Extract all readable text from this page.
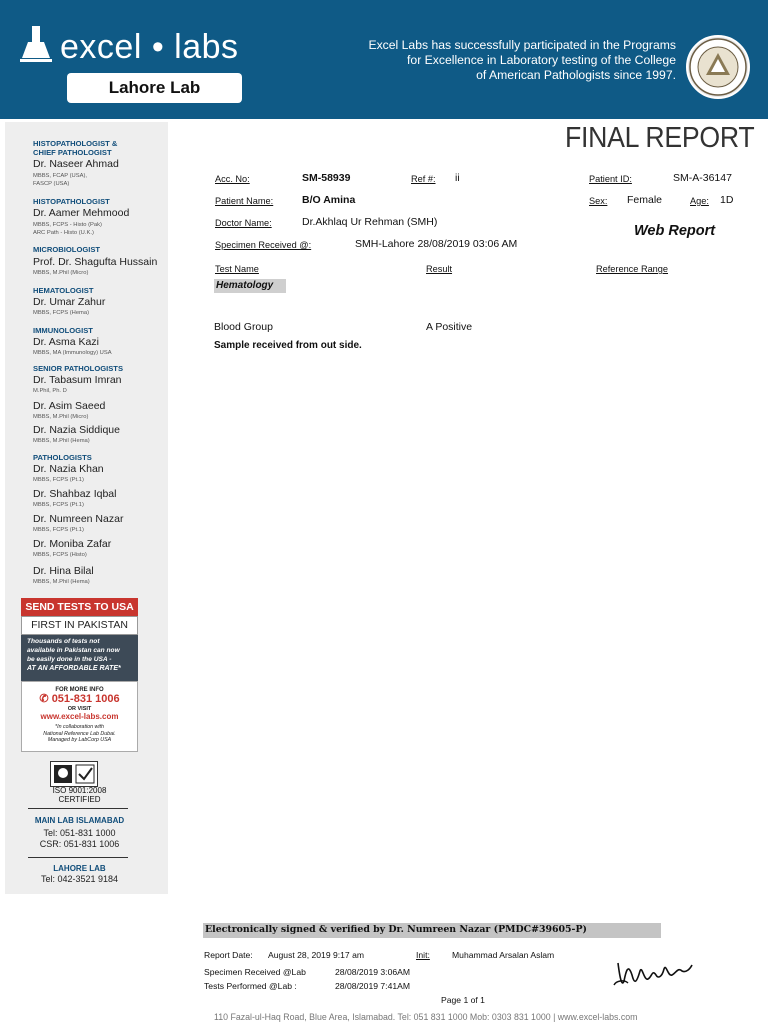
excel • labs
Lahore Lab
Excel Labs has successfully participated in the Programs
for Excellence in Laboratory testing of the College
of American Pathologists since 1997.
HISTOPATHOLOGIST &
CHIEF PATHOLOGIST
Dr. Naseer Ahmad
MBBS, FCAP (USA),
FASCP (USA)
HISTOPATHOLOGIST
Dr. Aamer Mehmood
MBBS, FCPS - Histo (Pak)
ARC Path - Histo (U.K.)
MICROBIOLOGIST
Prof. Dr. Shagufta Hussain
MBBS, M.Phil (Micro)
HEMATOLOGIST
Dr. Umar Zahur
MBBS, FCPS (Hema)
IMMUNOLOGIST
Dr. Asma Kazi
MBBS, MA (Immunology) USA
SENIOR PATHOLOGISTS
Dr. Tabasum Imran
M.Phil, Ph. D
Dr. Asim Saeed
MBBS, M.Phil (Micro)
Dr. Nazia Siddique
MBBS, M.Phil (Hema)
PATHOLOGISTS
Dr. Nazia Khan
MBBS, FCPS (Pt.1)
Dr. Shahbaz Iqbal
MBBS, FCPS (Pt.1)
Dr. Numreen Nazar
MBBS, FCPS (Pt.1)
Dr. Moniba Zafar
MBBS, FCPS (Histo)
Dr. Hina Bilal
MBBS, M.Phil (Hema)
SEND TESTS TO USA
FIRST IN PAKISTAN
Thousands of tests not
available in Pakistan can now
be easily done in the USA -
AT AN AFFORDABLE RATE*
FOR MORE INFO
✆ 051-831 1006
OR VISIT
www.excel-labs.com
*In collaboration with
National Reference Lab Dubai.
Managed by LabCorp USA
ISO 9001:2008
CERTIFIED
MAIN LAB ISLAMABAD
Tel: 051-831 1000
CSR: 051-831 1006
LAHORE LAB
Tel: 042-3521 9184
FINAL REPORT
Acc. No:	SM-58939	Ref #: ii	Patient ID:	SM-A-36147
Patient Name:	B/O Amina	Sex: Female	Age: 1D
Doctor Name:	Dr.Akhlaq Ur Rehman (SMH)
Web Report
Specimen Received @:	SMH-Lahore 28/08/2019 03:06 AM
Test Name	Result	Reference Range
Hematology
Blood Group	A Positive
Sample received from out side.
Electronically signed & verified by Dr. Numreen Nazar (PMDC#39605-P)
Report Date: August 28, 2019 9:17 am	Init:	Muhammad Arsalan Aslam
Specimen Received @Lab	28/08/2019 3:06AM
Tests Performed @Lab :	28/08/2019 7:41AM
Page 1 of 1
110 Fazal-ul-Haq Road, Blue Area, Islamabad. Tel: 051 831 1000 Mob: 0303 831 1000 | www.excel-labs.com
